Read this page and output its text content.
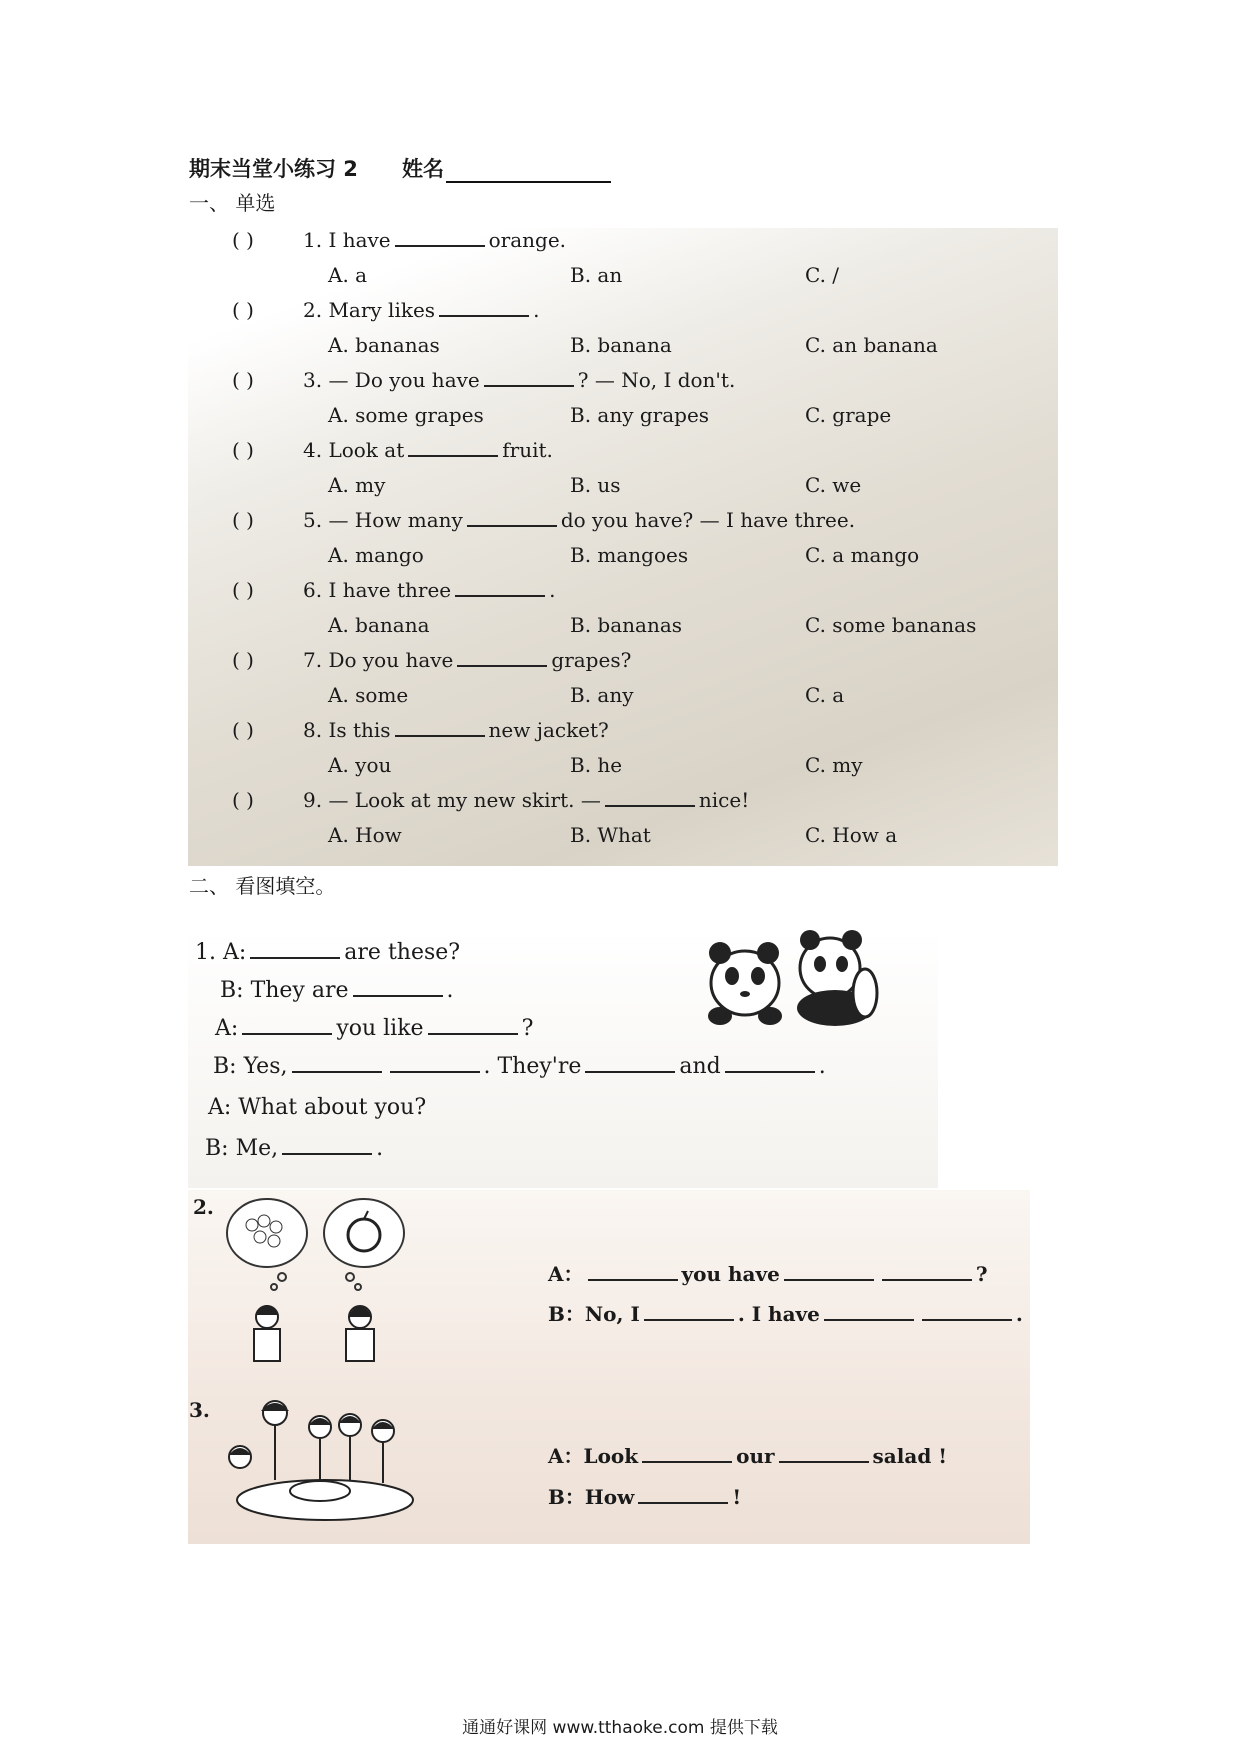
期末当堂小练习 2 姓名
一、 单选
( ) 1. I have	orange.
A. a	B. an	C. /
( ) 2. Mary likes	.
A. bananas	B. banana	C. an banana
( ) 3. — Do you have	? — No, I don't.
A. some grapes	B. any grapes	C. grape
( ) 4. Look at	fruit.
A. my	B. us	C. we
( ) 5. — How many	do you have? — I have three.
A. mango	B. mangoes	C. a mango
( ) 6. I have three	.
A. banana	B. bananas	C. some bananas
( ) 7. Do you have	grapes?
A. some	B. any	C. a
( ) 8. Is this	new jacket?
A. you	B. he	C. my
( ) 9. — Look at my new skirt. —	nice!
A. How	B. What	C. How a
二、 看图填空。
1. A:	are these?
B: They are	.
A:	you like	?
B: Yes,	. They're	and	.
A: What about you?
B: Me,	.
2.
A：	you have	?
B：No, I	. I have	.
3.
A：Look	our	salad !
B：How	!
通通好课网 www.tthaoke.com 提供下载
